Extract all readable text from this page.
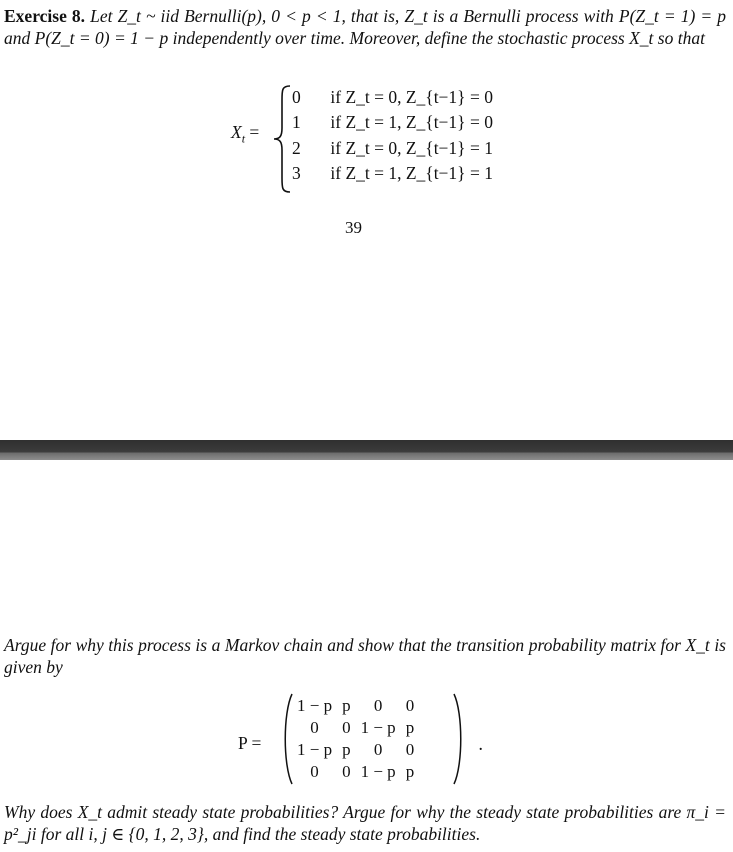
Exercise 8. Let Z_t ~ iid Bernulli(p), 0 < p < 1, that is, Z_t is a Bernulli process with P(Z_t = 1) = p and P(Z_t = 0) = 1 − p independently over time. Moreover, define the stochastic process X_t so that
$X_t$ =
0 if Z_t = 0, Z_{t−1} = 0
1 if Z_t = 1, Z_{t−1} = 0
2 if Z_t = 0, Z_{t−1} = 1
3 if Z_t = 1, Z_{t−1} = 1
39
Argue for why this process is a Markov chain and show that the transition probability matrix for X_t is given by
P =
1 − p	p	0	0
0	0	1 − p	p
1 − p	p	0	0
0	0	1 − p	p
.
Why does X_t admit steady state probabilities? Argue for why the steady state probabilities are π_i = p²_ji for all i, j ∈ {0, 1, 2, 3}, and find the steady state probabilities.
